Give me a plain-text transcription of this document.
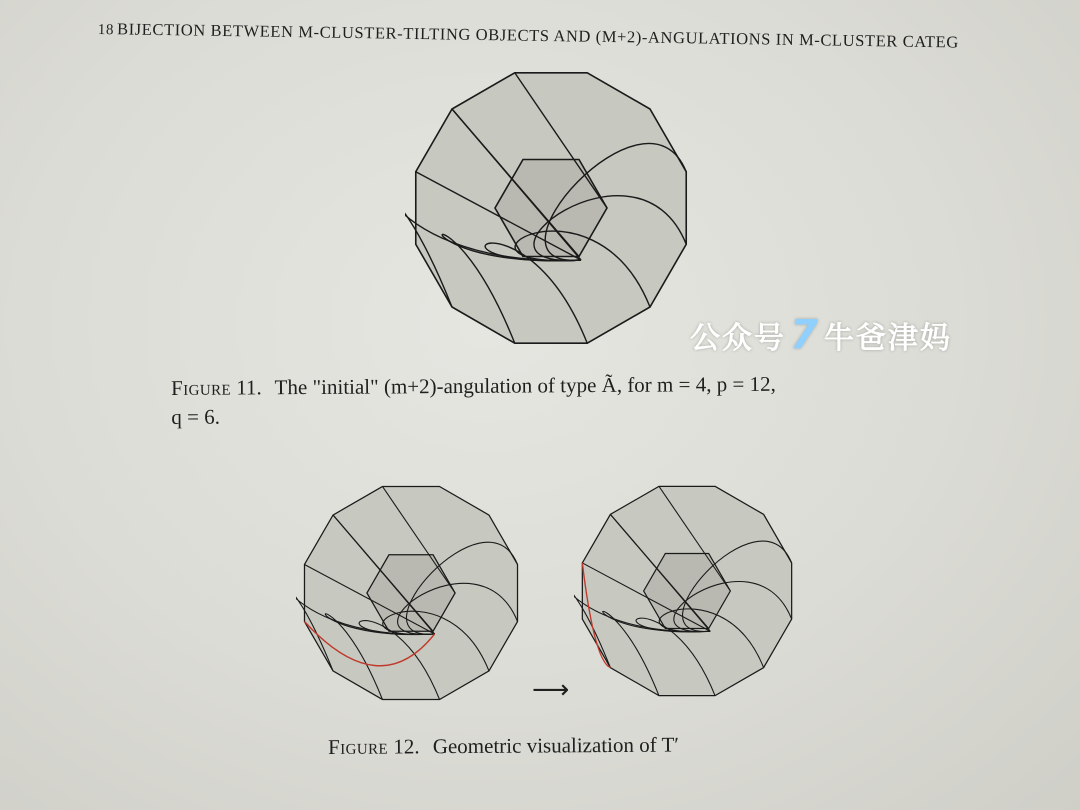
18 BIJECTION BETWEEN M-CLUSTER-TILTING OBJECTS AND (M+2)-ANGULATIONS IN M-CLUSTER CATEG
Figure 11. The "initial" (m+2)-angulation of type Ã, for m = 4, p = 12,
q = 6.
⟶
Figure 12. Geometric visualization of T′
公众号 7 牛爸津妈
